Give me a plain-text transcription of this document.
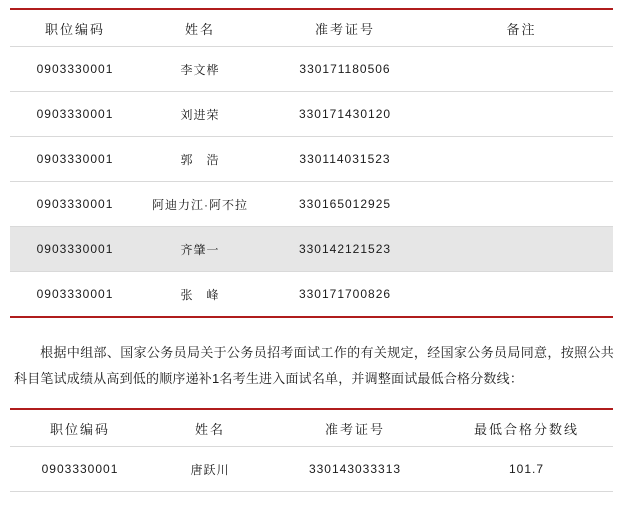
职位编码	姓名	准考证号	备注
0903330001	李文桦	330171180506	
0903330001	刘进荣	330171430120	
0903330001	郭　浩	330114031523	
0903330001	阿迪力江·阿不拉	330165012925	
0903330001	齐肇一	330142121523	
0903330001	张　峰	330171700826	

根据中组部、国家公务员局关于公务员招考面试工作的有关规定，经国家公务员局同意，按照公共科目笔试成绩从高到低的顺序递补1名考生进入面试名单，并调整面试最低合格分数线：

职位编码	姓名	准考证号	最低合格分数线
0903330001	唐跃川	330143033313	101.7
